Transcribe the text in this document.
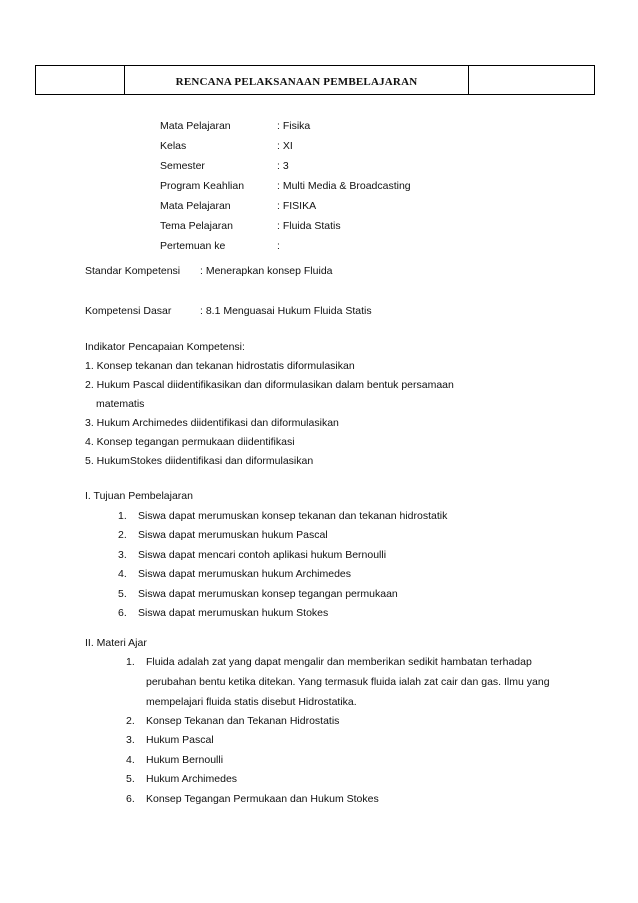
RENCANA PELAKSANAAN PEMBELAJARAN
Mata Pelajaran	: Fisika
Kelas	: XI
Semester	: 3
Program Keahlian	: Multi Media & Broadcasting
Mata Pelajaran	: FISIKA
Tema Pelajaran	: Fluida Statis
Pertemuan ke	:
Standar Kompetensi : Menerapkan konsep Fluida
Kompetensi Dasar	: 8.1 Menguasai Hukum Fluida Statis
Indikator Pencapaian Kompetensi:
1. Konsep tekanan dan tekanan hidrostatis diformulasikan
2. Hukum Pascal diidentifikasikan dan diformulasikan dalam bentuk persamaan
matematis
3. Hukum Archimedes diidentifikasi dan diformulasikan
4. Konsep tegangan permukaan diidentifikasi
5. HukumStokes diidentifikasi dan diformulasikan
I. Tujuan Pembelajaran
1.	Siswa dapat merumuskan konsep tekanan dan tekanan hidrostatik
2.	Siswa dapat merumuskan hukum Pascal
3.	Siswa dapat mencari contoh aplikasi hukum Bernoulli
4.	Siswa dapat merumuskan hukum Archimedes
5.	Siswa dapat merumuskan konsep tegangan permukaan
6.	Siswa dapat merumuskan hukum Stokes
II. Materi Ajar
1. Fluida adalah zat yang dapat mengalir dan memberikan sedikit hambatan terhadap
perubahan bentu ketika ditekan. Yang termasuk fluida ialah zat cair dan gas. Ilmu yang
mempelajari fluida statis disebut Hidrostatika.
2.	Konsep Tekanan dan Tekanan Hidrostatis
3.	Hukum Pascal
4.	Hukum Bernoulli
5.	Hukum Archimedes
6.	Konsep Tegangan Permukaan dan Hukum Stokes
